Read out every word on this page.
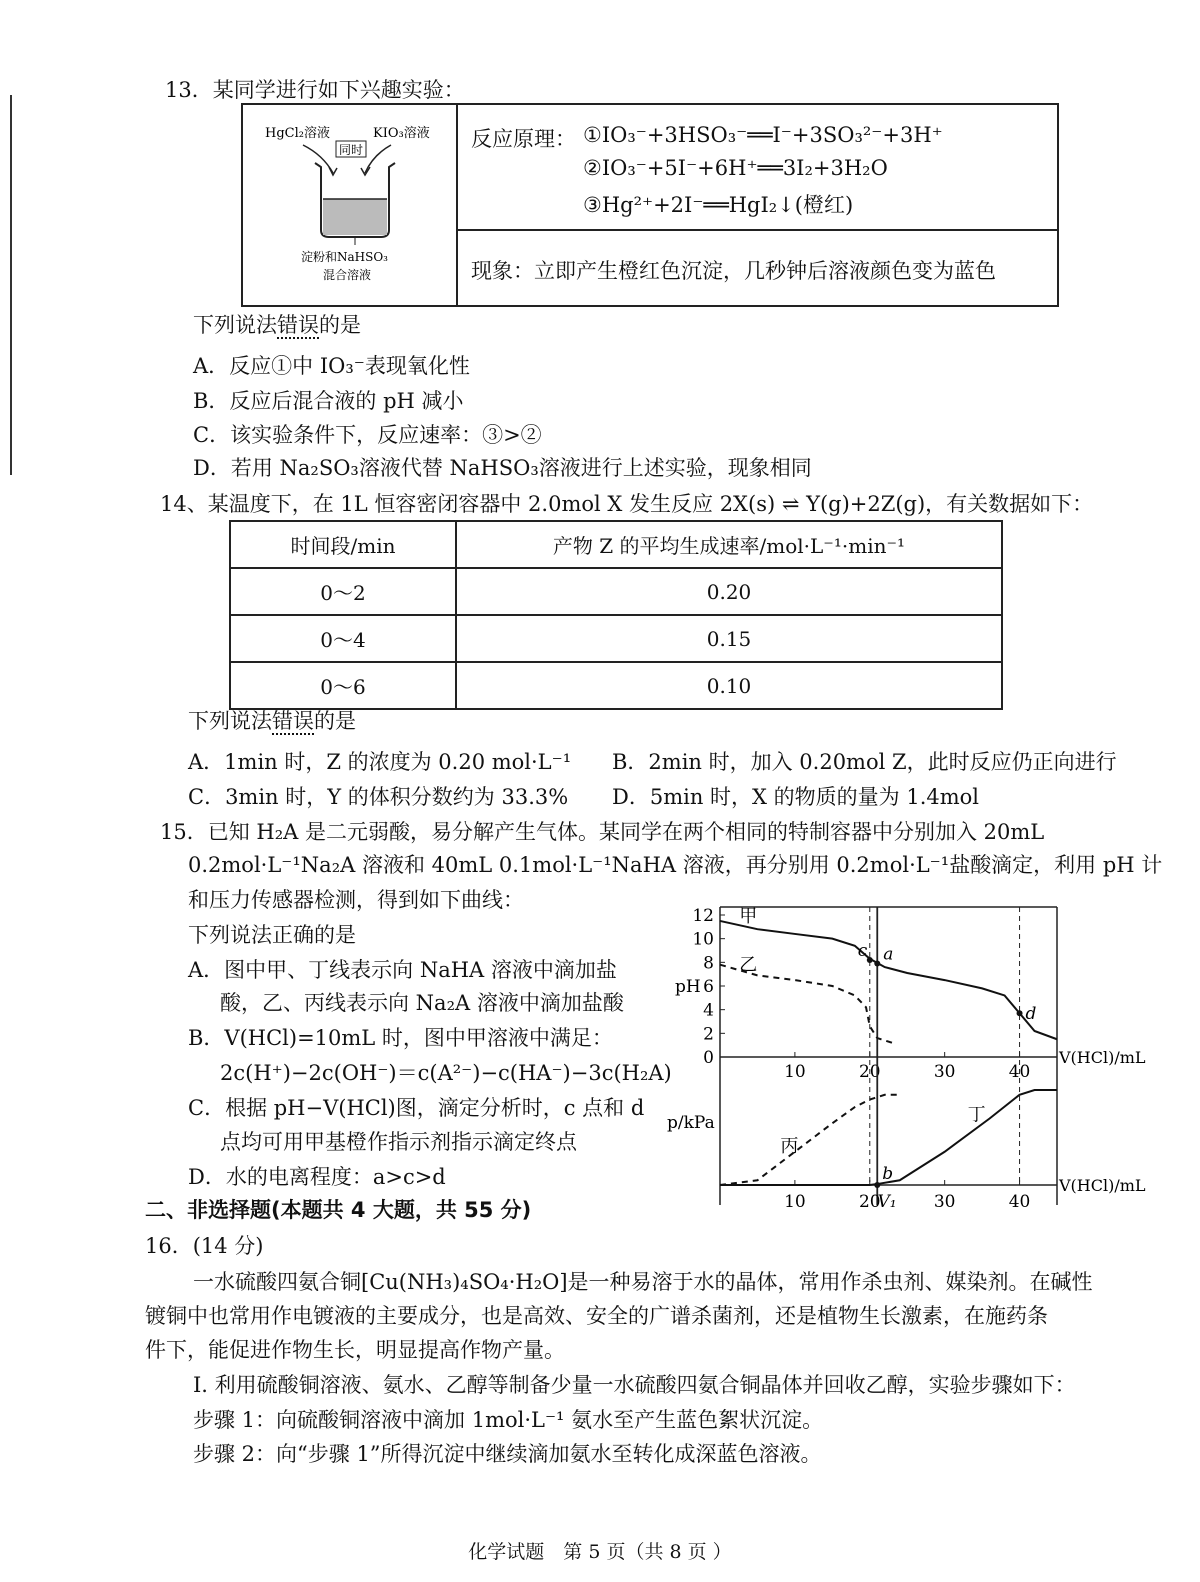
13．某同学进行如下兴趣实验：
HgCl₂溶液	KIO₃溶液
同时
淀粉和NaHSO₃
混合溶液
反应原理： ①IO₃⁻+3HSO₃⁻══I⁻+3SO₃²⁻+3H⁺
②IO₃⁻+5I⁻+6H⁺══3I₂+3H₂O
③Hg²⁺+2I⁻══HgI₂↓(橙红)
现象：立即产生橙红色沉淀，几秒钟后溶液颜色变为蓝色
下列说法错误的是
A．反应①中 IO₃⁻表现氧化性
B．反应后混合液的 pH 减小
C．该实验条件下，反应速率：③>②
D．若用 Na₂SO₃溶液代替 NaHSO₃溶液进行上述实验，现象相同
14、某温度下，在 1L 恒容密闭容器中 2.0mol X 发生反应 2X(s) ⇌ Y(g)+2Z(g)，有关数据如下：
时间段/min	产物 Z 的平均生成速率/mol·L⁻¹·min⁻¹
0～2	0.20
0～4	0.15
0～6	0.10
下列说法错误的是
A．1min 时，Z 的浓度为 0.20 mol·L⁻¹ B．2min 时，加入 0.20mol Z，此时反应仍正向进行
C．3min 时，Y 的体积分数约为 33.3% D．5min 时，X 的物质的量为 1.4mol
15．已知 H₂A 是二元弱酸，易分解产生气体。某同学在两个相同的特制容器中分别加入 20mL
0.2mol·L⁻¹Na₂A 溶液和 40mL 0.1mol·L⁻¹NaHA 溶液，再分别用 0.2mol·L⁻¹盐酸滴定，利用 pH 计
和压力传感器检测，得到如下曲线：
下列说法正确的是
A．图中甲、丁线表示向 NaHA 溶液中滴加盐
酸，乙、丙线表示向 Na₂A 溶液中滴加盐酸
B．V(HCl)=10mL 时，图中甲溶液中满足：
2c(H⁺)−2c(OH⁻)＝c(A²⁻)−c(HA⁻)−3c(H₂A)
C．根据 pH−V(HCl)图，滴定分析时，c 点和 d
点均可用甲基橙作指示剂指示滴定终点
D．水的电离程度：a>c>d
0
2
4
6
8
10
12
pH
10	20	30	40
V(HCl)/mL
甲
乙
a
c
d
p/kPa
10	20
V₁ 30	40
V(HCl)/mL
丙
丁
b
二、非选择题(本题共 4 大题，共 55 分)
16．(14 分)
一水硫酸四氨合铜[Cu(NH₃)₄SO₄·H₂O]是一种易溶于水的晶体，常用作杀虫剂、媒染剂。在碱性
镀铜中也常用作电镀液的主要成分，也是高效、安全的广谱杀菌剂，还是植物生长激素，在施药条
件下，能促进作物生长，明显提高作物产量。
I. 利用硫酸铜溶液、氨水、乙醇等制备少量一水硫酸四氨合铜晶体并回收乙醇，实验步骤如下：
步骤 1：向硫酸铜溶液中滴加 1mol·L⁻¹ 氨水至产生蓝色絮状沉淀。
步骤 2：向“步骤 1”所得沉淀中继续滴加氨水至转化成深蓝色溶液。
化学试题　第 5 页（共 8 页 ）
